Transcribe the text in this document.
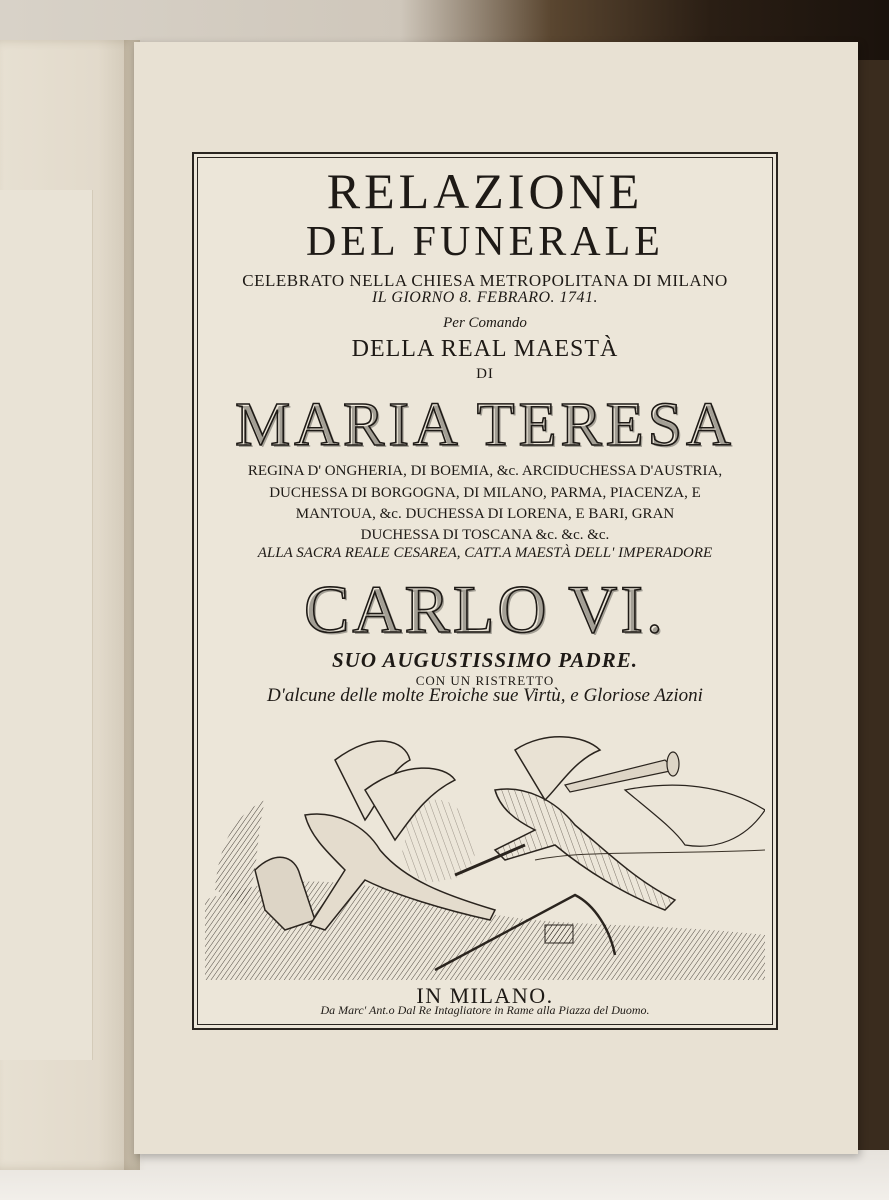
RELAZIONE
DEL FUNERALE
CELEBRATO NELLA CHIESA METROPOLITANA DI MILANO
IL GIORNO 8. FEBRARO. 1741.
Per Comando
DELLA REAL MAESTÀ
DI
MARIA TERESA
REGINA D' ONGHERIA, DI BOEMIA, &c. ARCIDUCHESSA D'AUSTRIA,
DUCHESSA DI BORGOGNA, DI MILANO, PARMA, PIACENZA, E
MANTOUA, &c. DUCHESSA DI LORENA, E BARI, GRAN
DUCHESSA DI TOSCANA &c. &c. &c.
ALLA SACRA REALE CESAREA, CATT.A MAESTÀ DELL' IMPERADORE
CARLO VI.
SUO AUGUSTISSIMO PADRE.
CON UN RISTRETTO
D'alcune delle molte Eroiche sue Virtù, e Gloriose Azioni
IN MILANO.
Da Marc' Ant.o Dal Re Intagliatore in Rame alla Piazza del Duomo.
